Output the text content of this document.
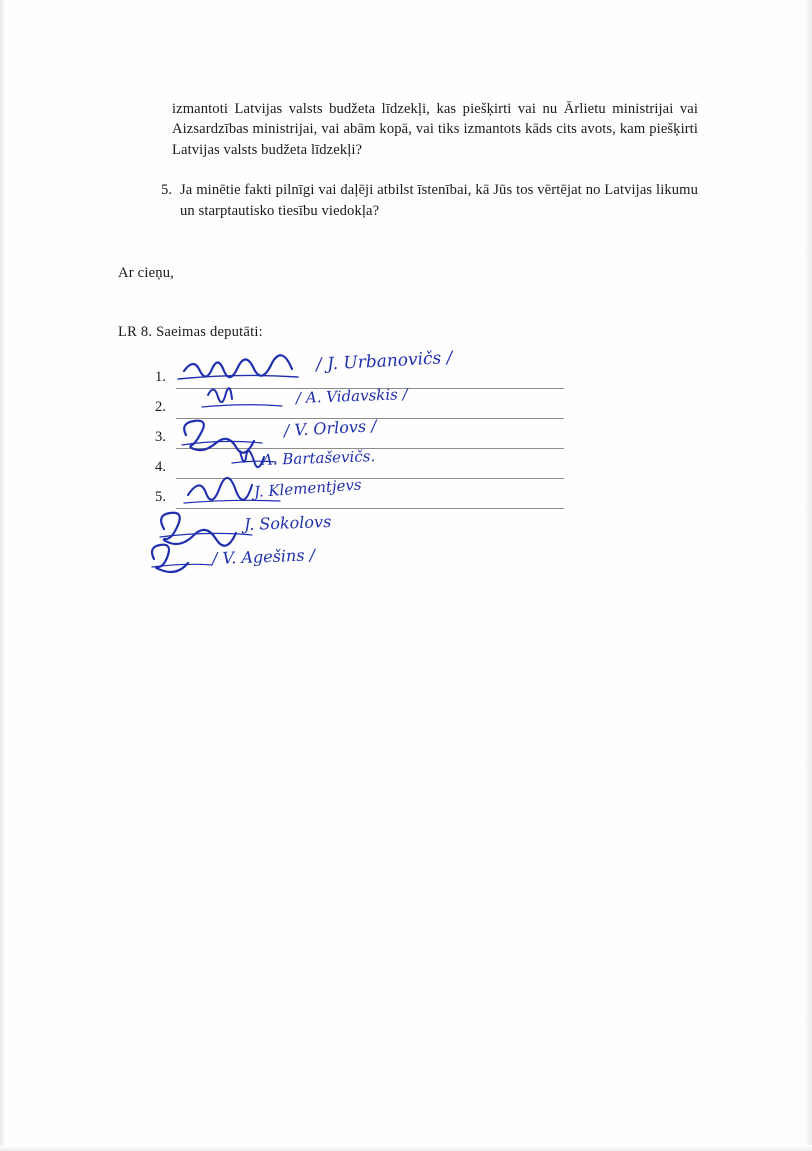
izmantoti Latvijas valsts budžeta līdzekļi, kas piešķirti vai nu Ārlietu ministrijai vai Aizsardzības ministrijai, vai abām kopā, vai tiks izmantots kāds cits avots, kam piešķirti Latvijas valsts budžeta līdzekļi?

5. Ja minētie fakti pilnīgi vai daļēji atbilst īstenībai, kā Jūs tos vērtējat no Latvijas likumu un starptautisko tiesību viedokļa?
Ar cieņu,
LR 8. Saeimas deputāti:
1.
2.
3.
4.
5.
/ J. Urbanovičs /
/ A. Vidavskis /
/ V. Orlovs /
A. Bartaševičs.
J. Klementjevs
J. Sokolovs
/ V. Agešins /
